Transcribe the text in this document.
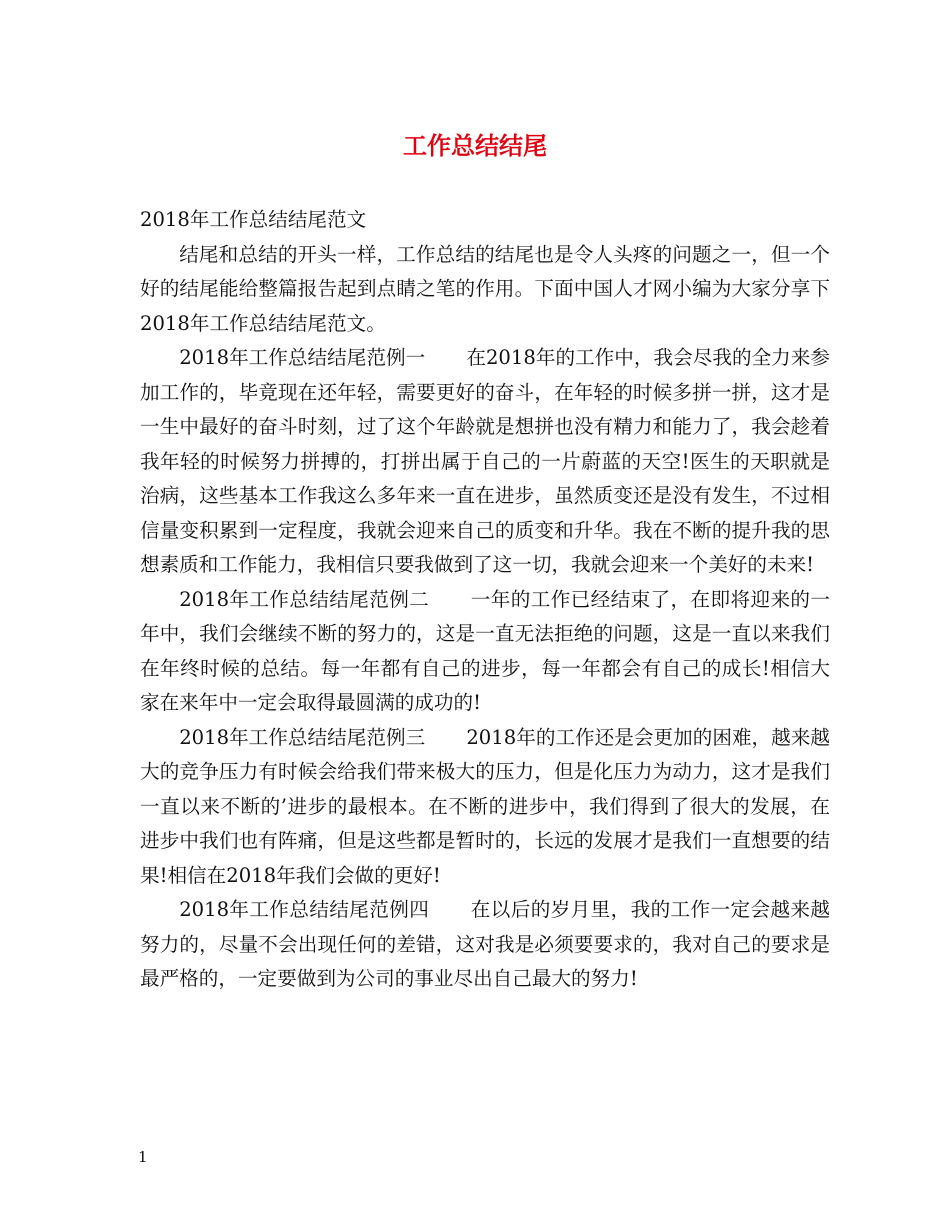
工作总结结尾

2018年工作总结结尾范文

结尾和总结的开头一样，工作总结的结尾也是令人头疼的问题之一，但一个好的结尾能给整篇报告起到点睛之笔的作用。下面中国人才网小编为大家分享下2018年工作总结结尾范文。

2018年工作总结结尾范例一 在2018年的工作中，我会尽我的全力来参加工作的，毕竟现在还年轻，需要更好的奋斗，在年轻的时候多拼一拼，这才是一生中最好的奋斗时刻，过了这个年龄就是想拼也没有精力和能力了，我会趁着我年轻的时候努力拼搏的，打拼出属于自己的一片蔚蓝的天空!医生的天职就是治病，这些基本工作我这么多年来一直在进步，虽然质变还是没有发生，不过相信量变积累到一定程度，我就会迎来自己的质变和升华。我在不断的提升我的思想素质和工作能力，我相信只要我做到了这一切，我就会迎来一个美好的未来!

2018年工作总结结尾范例二 一年的工作已经结束了，在即将迎来的一年中，我们会继续不断的努力的，这是一直无法拒绝的问题，这是一直以来我们在年终时候的总结。每一年都有自己的进步，每一年都会有自己的成长!相信大家在来年中一定会取得最圆满的成功的!

2018年工作总结结尾范例三 2018年的工作还是会更加的困难，越来越大的竞争压力有时候会给我们带来极大的压力，但是化压力为动力，这才是我们一直以来不断的’进步的最根本。在不断的进步中，我们得到了很大的发展，在进步中我们也有阵痛，但是这些都是暂时的，长远的发展才是我们一直想要的结果!相信在2018年我们会做的更好!

2018年工作总结结尾范例四 在以后的岁月里，我的工作一定会越来越努力的，尽量不会出现任何的差错，这对我是必须要要求的，我对自己的要求是最严格的，一定要做到为公司的事业尽出自己最大的努力!

1
